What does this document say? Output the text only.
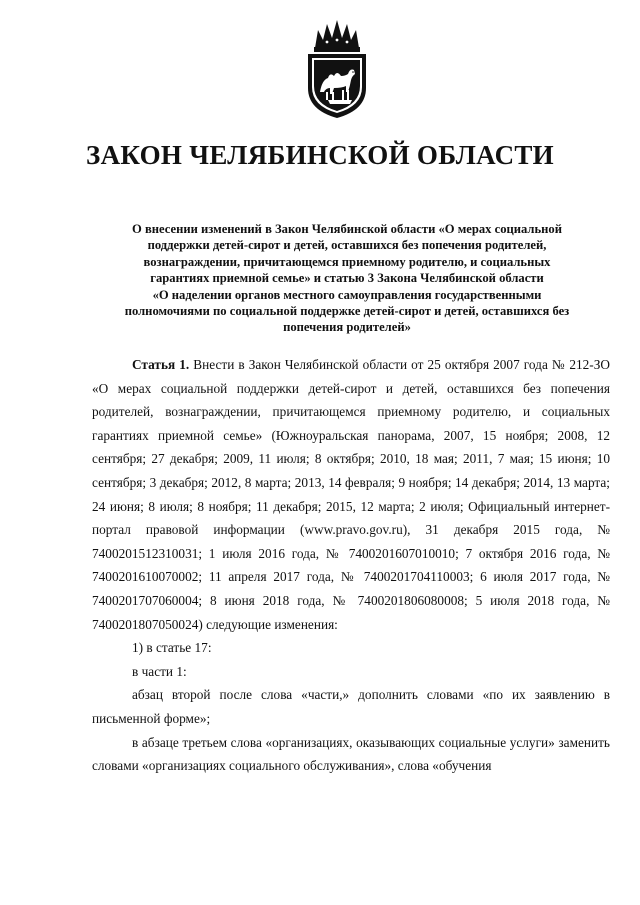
ЗАКОН ЧЕЛЯБИНСКОЙ ОБЛАСТИ
О внесении изменений в Закон Челябинской области «О мерах социальной
поддержки детей-сирот и детей, оставшихся без попечения родителей,
вознаграждении, причитающемся приемному родителю, и социальных
гарантиях приемной семье» и статью 3 Закона Челябинской области
«О наделении органов местного самоуправления государственными
полномочиями по социальной поддержке детей-сирот и детей, оставшихся без
попечения родителей»

Статья 1. Внести в Закон Челябинской области от 25 октября 2007 года № 212-ЗО «О мерах социальной поддержки детей-сирот и детей, оставшихся без попечения родителей, вознаграждении, причитающемся приемному родителю, и социальных гарантиях приемной семье» (Южноуральская панорама, 2007, 15 ноября; 2008, 12 сентября; 27 декабря; 2009, 11 июля; 8 октября; 2010, 18 мая; 2011, 7 мая; 15 июня; 10 сентября; 3 декабря; 2012, 8 марта; 2013, 14 февраля; 9 ноября; 14 декабря; 2014, 13 марта; 24 июня; 8 июля; 8 ноября; 11 декабря; 2015, 12 марта; 2 июля; Официальный интернет-портал правовой информации (www.pravo.gov.ru), 31 декабря 2015 года, № 7400201512310031; 1 июля 2016 года, № 7400201607010010; 7 октября 2016 года, № 7400201610070002; 11 апреля 2017 года, № 7400201704110003; 6 июля 2017 года, № 7400201707060004; 8 июня 2018 года, № 7400201806080008; 5 июля 2018 года, № 7400201807050024) следующие изменения:

1) в статье 17:

в части 1:

абзац второй после слова «части,» дополнить словами «по их заявлению в письменной форме»;

в абзаце третьем слова «организациях, оказывающих социальные услуги» заменить словами «организациях социального обслуживания», слова «обучения
